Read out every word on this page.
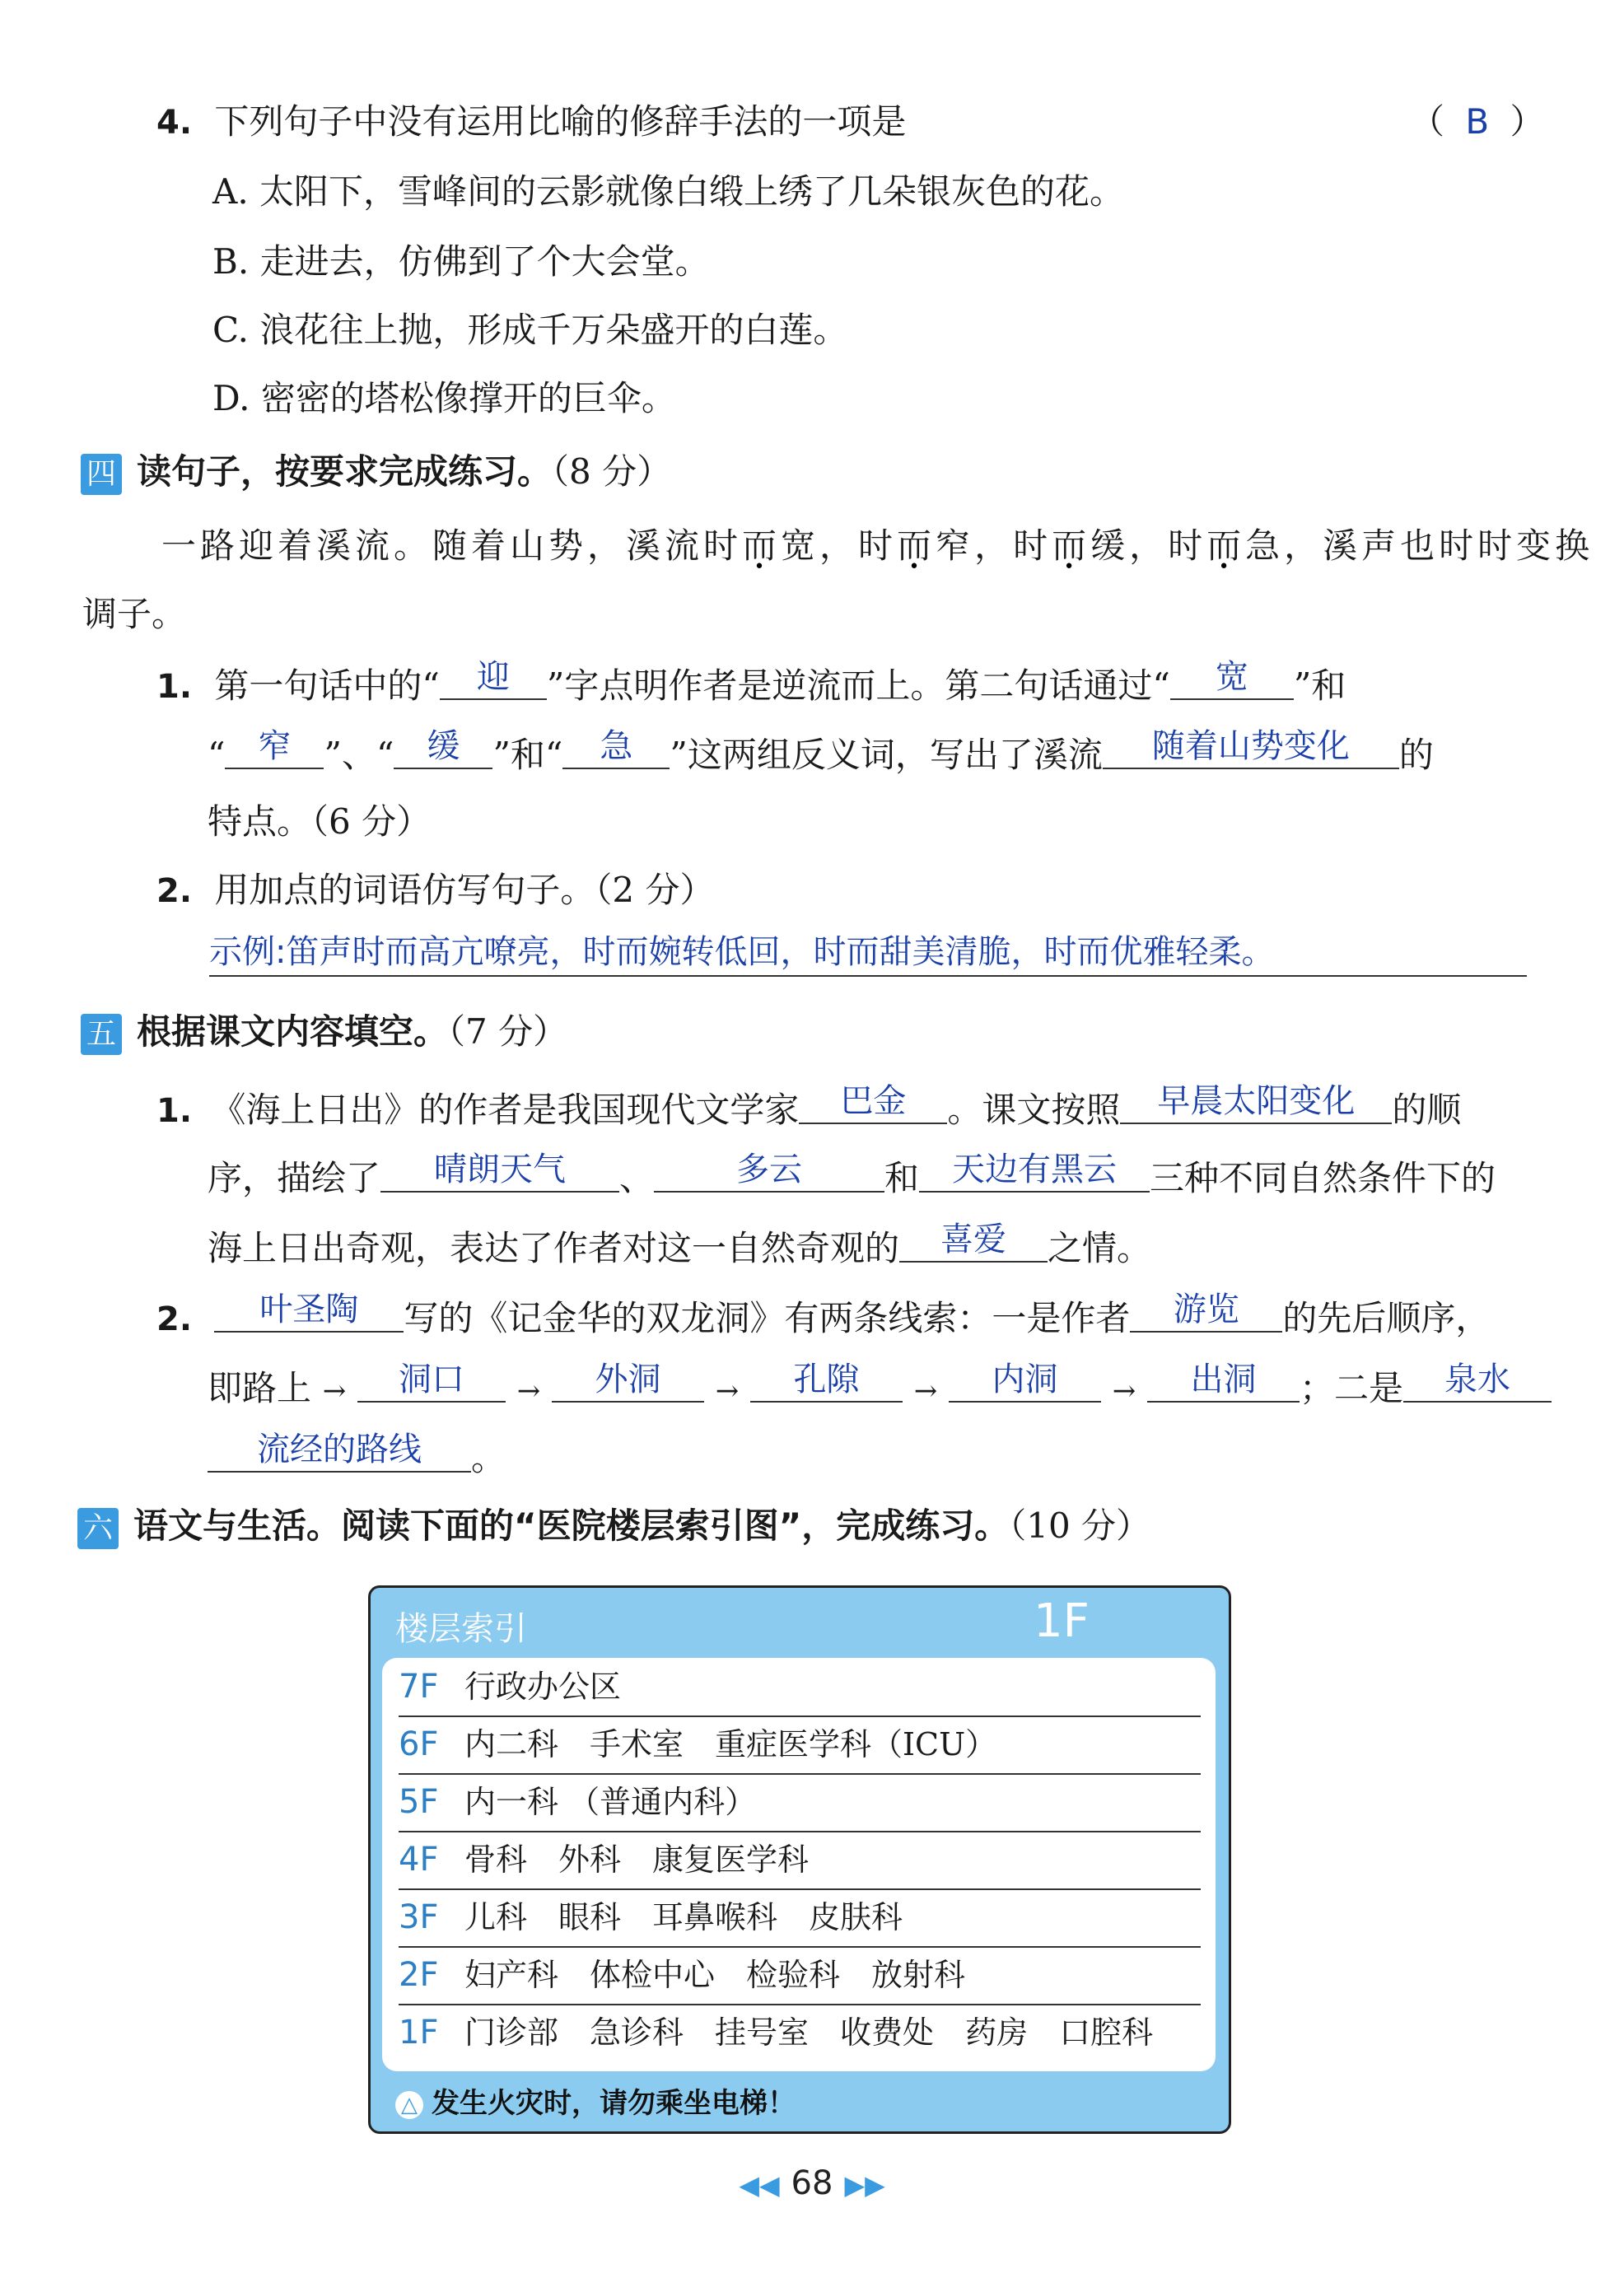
4. 下列句子中没有运用比喻的修辞手法的一项是	（ B ）
A. 太阳下，雪峰间的云影就像白缎上绣了几朵银灰色的花。
B. 走进去，仿佛到了个大会堂。
C. 浪花往上抛，形成千万朵盛开的白莲。
D. 密密的塔松像撑开的巨伞。
四 读句子，按要求完成练习。（8 分）
一路迎着溪流。随着山势，溪流时而宽，时而窄，时而缓，时而急，溪声也时时变换
调子。
1. 第一句话中的“ 迎 ”字点明作者是逆流而上。第二句话通过“ 宽 ”和
“ 窄 ”、“ 缓 ”和“ 急 ”这两组反义词，写出了溪流 随着山势变化 的
特点。（6 分）
2. 用加点的词语仿写句子。（2 分）
示例:笛声时而高亢嘹亮，时而婉转低回，时而甜美清脆，时而优雅轻柔。
五 根据课文内容填空。（7 分）
1. 《海上日出》的作者是我国现代文学家 巴金 。课文按照 早晨太阳变化 的顺
序，描绘了 晴朗天气 、	多云 和 天边有黑云 三种不同自然条件下的
海上日出奇观，表达了作者对这一自然奇观的 喜爱 之情。
2. 叶圣陶 写的《记金华的双龙洞》有两条线索：一是作者 游览 的先后顺序，
即路上 → 洞口 → 外洞 → 孔隙 → 内洞 → 出洞 ；二是 泉水
流经的路线 。
六 语文与生活。阅读下面的“医院楼层索引图”，完成练习。（10 分）
楼层索引	1F
7F 行政办公区
6F 内二科 手术室 重症医学科（ICU）
5F 内一科 （普通内科）
4F 骨科 外科 康复医学科
3F 儿科 眼科 耳鼻喉科 皮肤科
2F 妇产科 体检中心 检验科 放射科
1F 门诊部 急诊科 挂号室 收费处 药房 口腔科
△ 发生火灾时，请勿乘坐电梯！
◀◀ 68 ▶▶
